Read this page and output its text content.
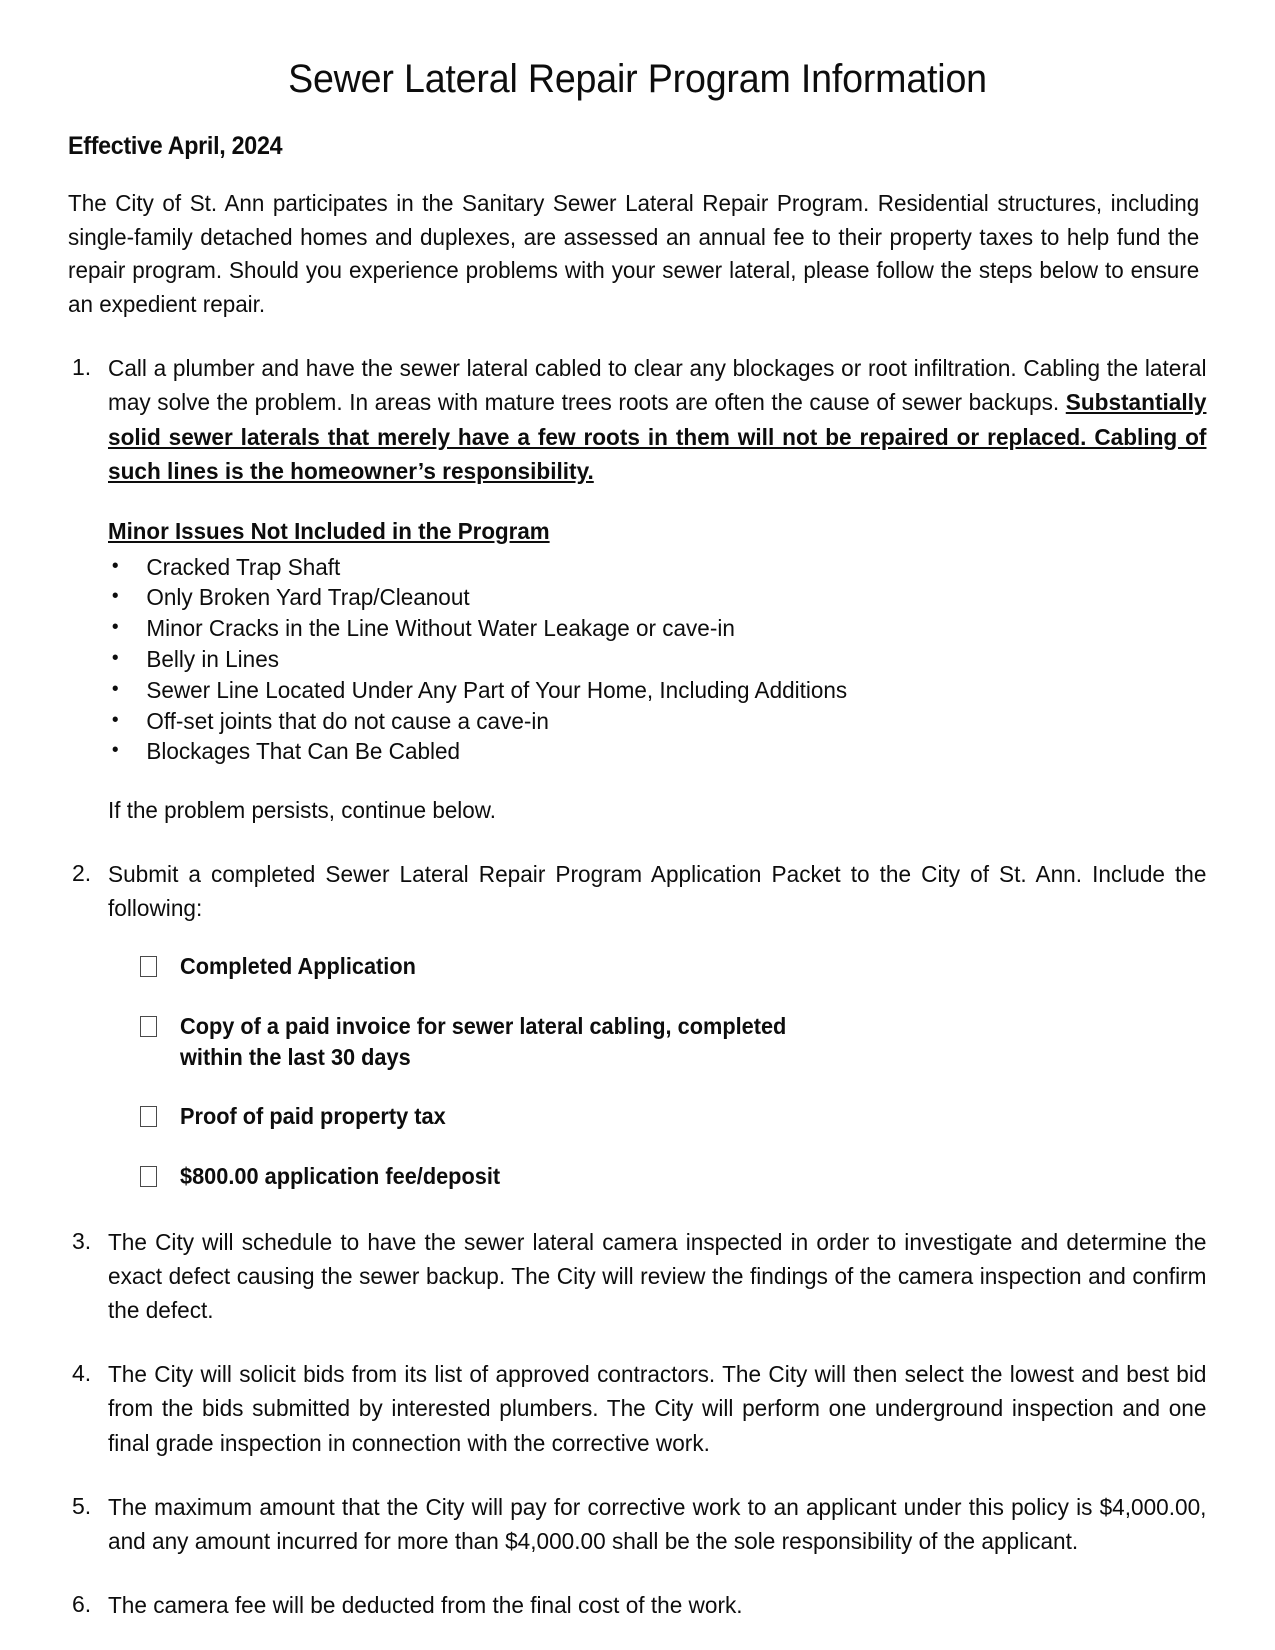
Sewer Lateral Repair Program Information
Effective April, 2024

The City of St. Ann participates in the Sanitary Sewer Lateral Repair Program. Residential structures, including single-family detached homes and duplexes, are assessed an annual fee to their property taxes to help fund the repair program. Should you experience problems with your sewer lateral, please follow the steps below to ensure an expedient repair.

1. Call a plumber and have the sewer lateral cabled to clear any blockages or root infiltration. Cabling the lateral may solve the problem. In areas with mature trees roots are often the cause of sewer backups. Substantially solid sewer laterals that merely have a few roots in them will not be repaired or replaced. Cabling of such lines is the homeowner’s responsibility.
Minor Issues Not Included in the Program
• Cracked Trap Shaft
• Only Broken Yard Trap/Cleanout
• Minor Cracks in the Line Without Water Leakage or cave-in
• Belly in Lines
• Sewer Line Located Under Any Part of Your Home, Including Additions
• Off-set joints that do not cause a cave-in
• Blockages That Can Be Cabled
If the problem persists, continue below.
2. Submit a completed Sewer Lateral Repair Program Application Packet to the City of St. Ann. Include the following:
Completed Application
Copy of a paid invoice for sewer lateral cabling, completed within the last 30 days
Proof of paid property tax
$800.00 application fee/deposit
3. The City will schedule to have the sewer lateral camera inspected in order to investigate and determine the exact defect causing the sewer backup. The City will review the findings of the camera inspection and confirm the defect.
4. The City will solicit bids from its list of approved contractors. The City will then select the lowest and best bid from the bids submitted by interested plumbers. The City will perform one underground inspection and one final grade inspection in connection with the corrective work.
5. The maximum amount that the City will pay for corrective work to an applicant under this policy is $4,000.00, and any amount incurred for more than $4,000.00 shall be the sole responsibility of the applicant.
6. The camera fee will be deducted from the final cost of the work.
